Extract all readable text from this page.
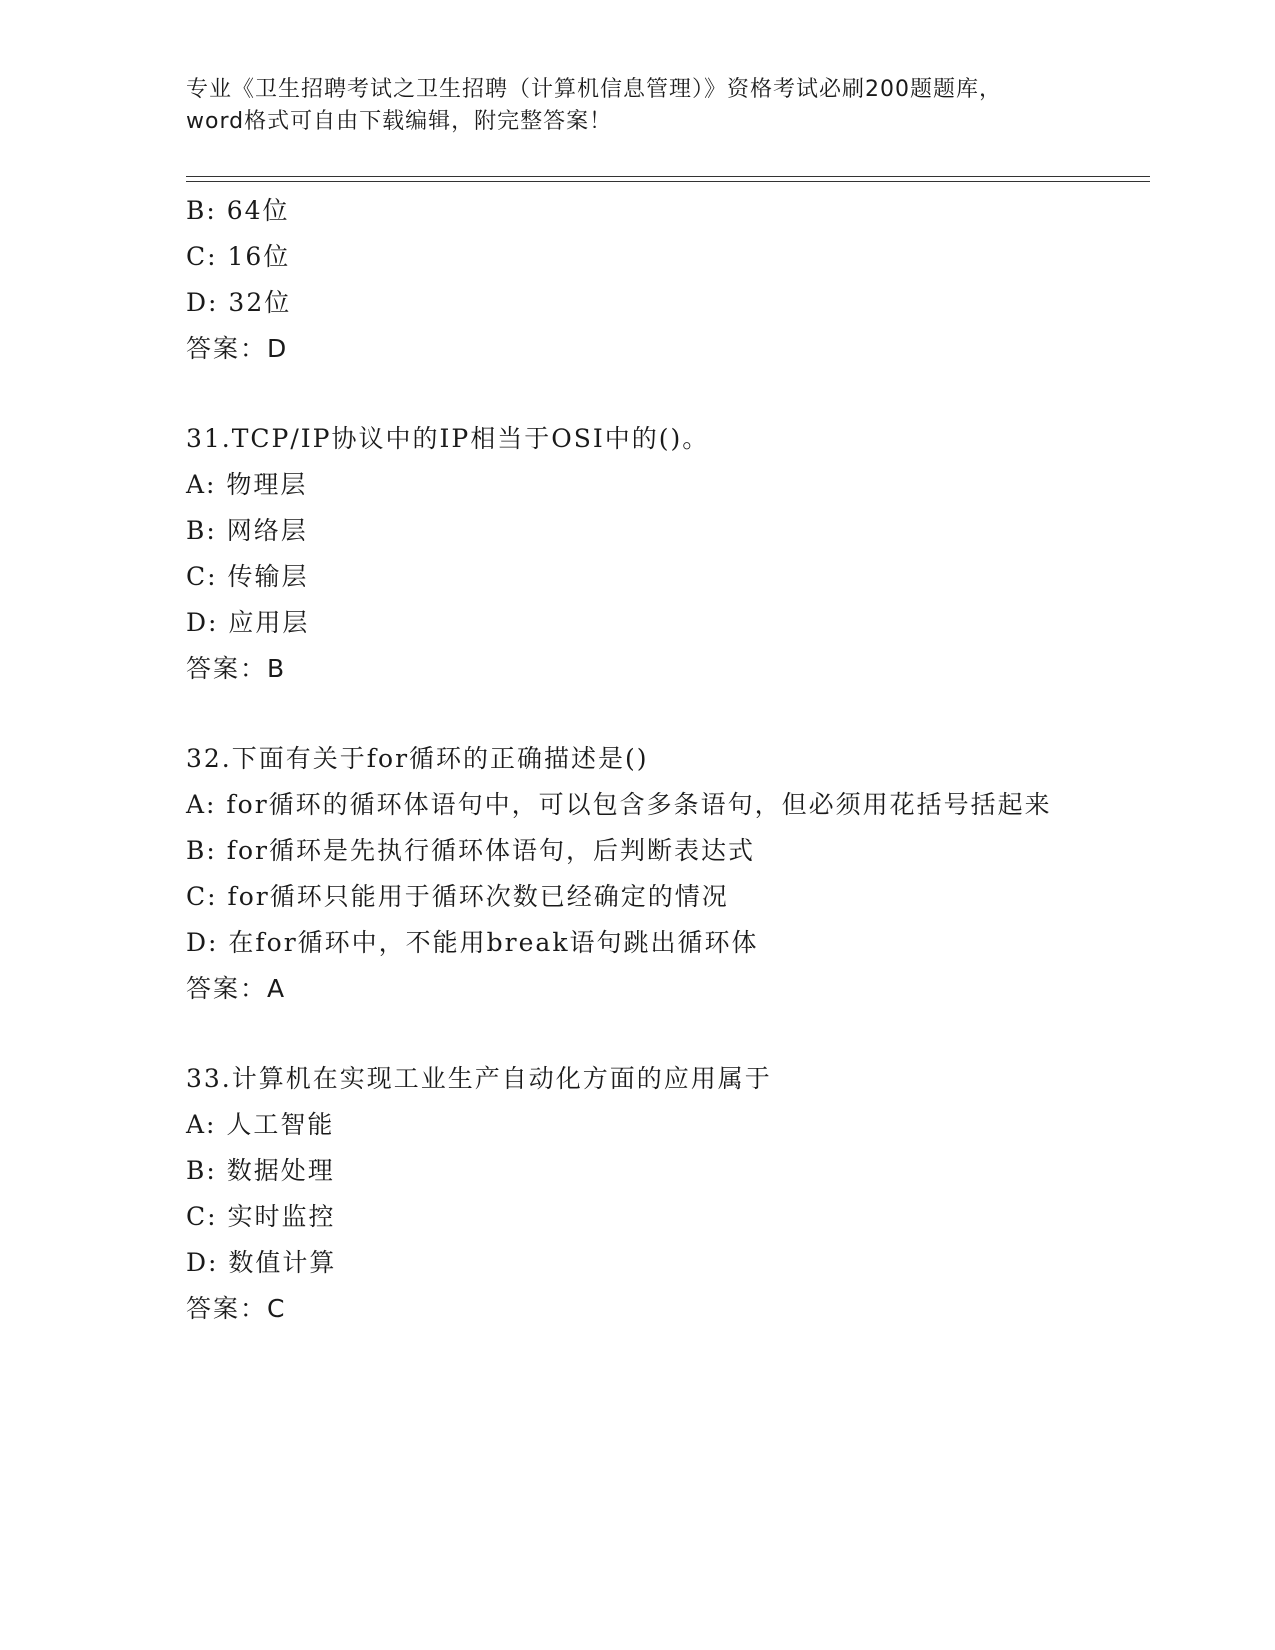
专业《卫生招聘考试之卫生招聘（计算机信息管理）》资格考试必刷200题题库，
word格式可自由下载编辑，附完整答案！
B: 64位
C: 16位
D: 32位
答案：D
31.TCP/IP协议中的IP相当于OSI中的()。
A: 物理层
B: 网络层
C: 传输层
D: 应用层
答案：B
32.下面有关于for循环的正确描述是()
A: for循环的循环体语句中，可以包含多条语句，但必须用花括号括起来
B: for循环是先执行循环体语句，后判断表达式
C: for循环只能用于循环次数已经确定的情况
D: 在for循环中，不能用break语句跳出循环体
答案：A
33.计算机在实现工业生产自动化方面的应用属于
A: 人工智能
B: 数据处理
C: 实时监控
D: 数值计算
答案：C
